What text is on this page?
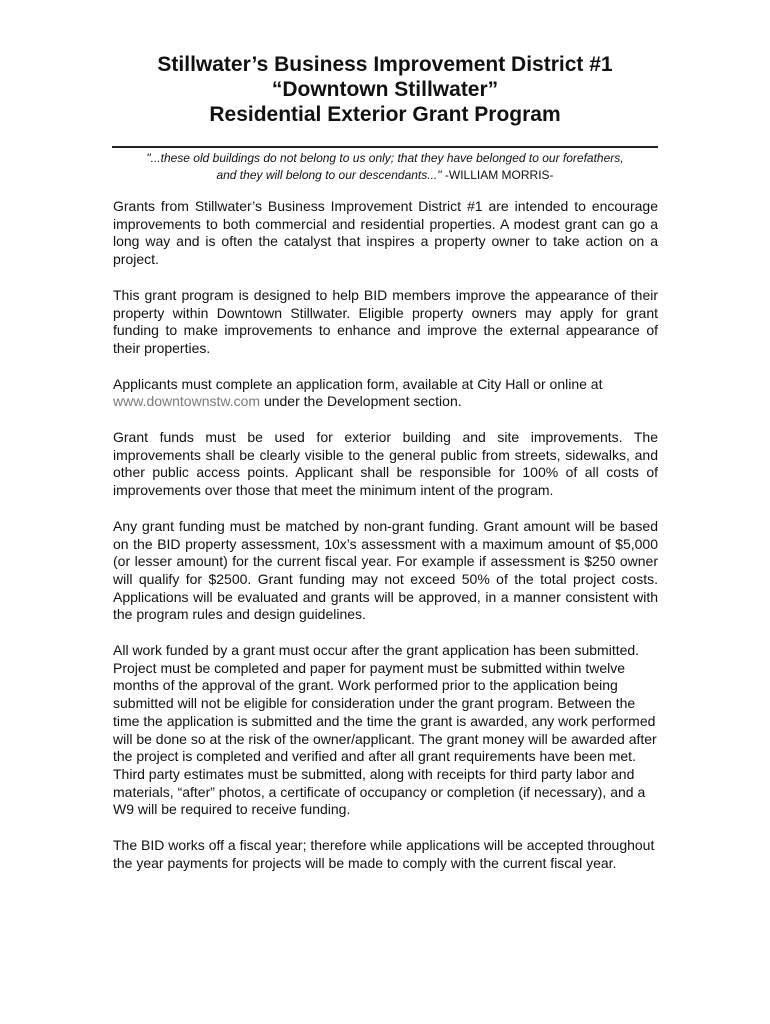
Stillwater’s Business Improvement District #1
“Downtown Stillwater”
Residential Exterior Grant Program
"...these old buildings do not belong to us only; that they have belonged to our forefathers,
and they will belong to our descendants..." -WILLIAM MORRIS-

Grants from Stillwater’s Business Improvement District #1 are intended to encourage improvements to both commercial and residential properties. A modest grant can go a long way and is often the catalyst that inspires a property owner to take action on a project.

This grant program is designed to help BID members improve the appearance of their property within Downtown Stillwater. Eligible property owners may apply for grant funding to make improvements to enhance and improve the external appearance of their properties.

Applicants must complete an application form, available at City Hall or online at www.downtownstw.com under the Development section.

Grant funds must be used for exterior building and site improvements. The improvements shall be clearly visible to the general public from streets, sidewalks, and other public access points. Applicant shall be responsible for 100% of all costs of improvements over those that meet the minimum intent of the program.

Any grant funding must be matched by non-grant funding. Grant amount will be based on the BID property assessment, 10x’s assessment with a maximum amount of $5,000 (or lesser amount) for the current fiscal year. For example if assessment is $250 owner will qualify for $2500. Grant funding may not exceed 50% of the total project costs. Applications will be evaluated and grants will be approved, in a manner consistent with the program rules and design guidelines.

All work funded by a grant must occur after the grant application has been submitted. Project must be completed and paper for payment must be submitted within twelve months of the approval of the grant. Work performed prior to the application being submitted will not be eligible for consideration under the grant program. Between the time the application is submitted and the time the grant is awarded, any work performed will be done so at the risk of the owner/applicant. The grant money will be awarded after the project is completed and verified and after all grant requirements have been met. Third party estimates must be submitted, along with receipts for third party labor and materials, “after” photos, a certificate of occupancy or completion (if necessary), and a W9 will be required to receive funding.

The BID works off a fiscal year; therefore while applications will be accepted throughout the year payments for projects will be made to comply with the current fiscal year.
